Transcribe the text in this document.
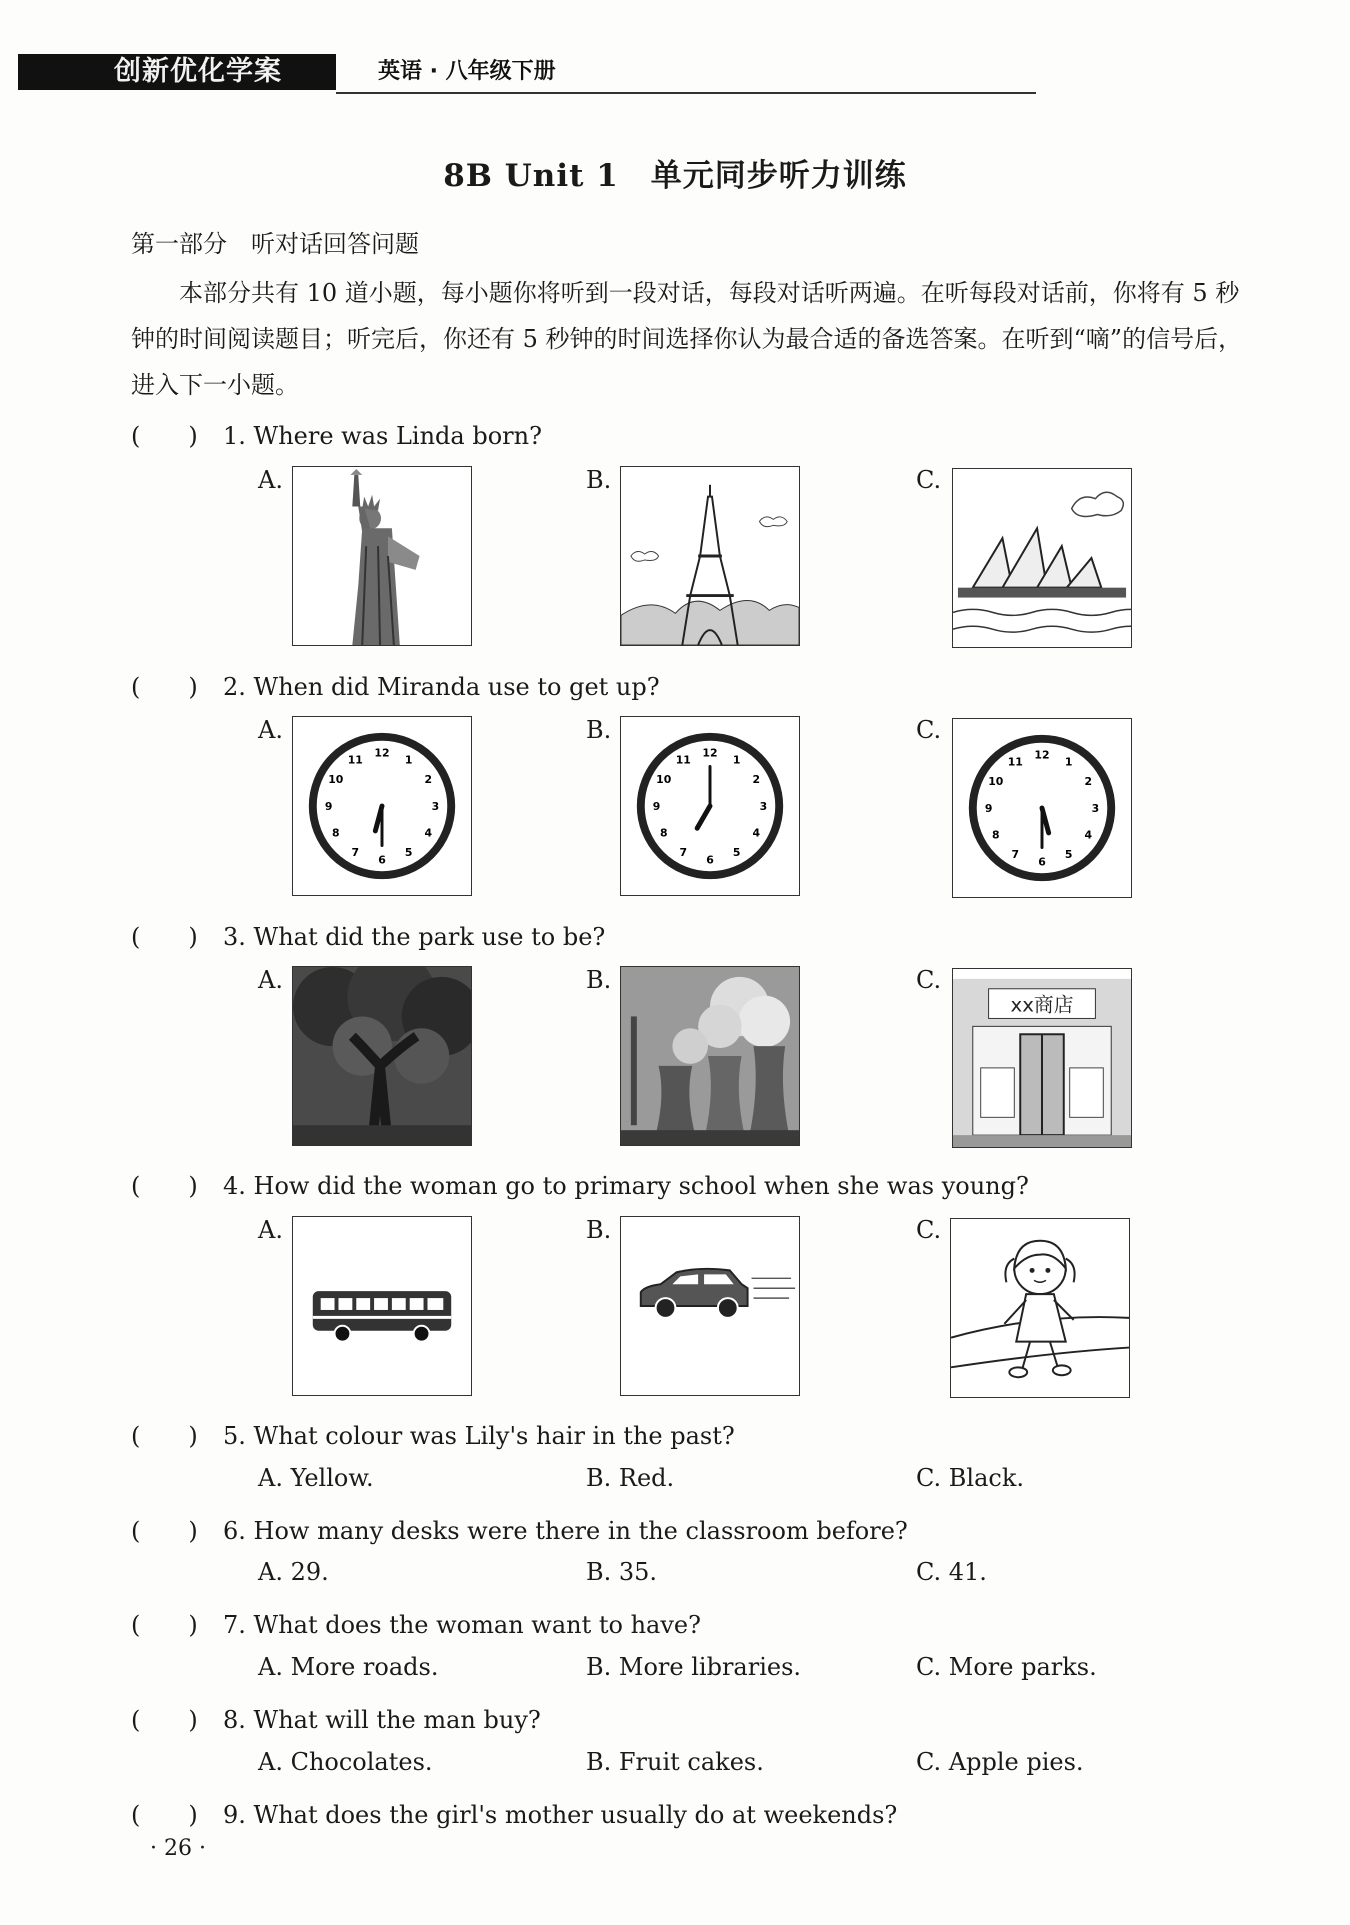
创新优化学案	英语 · 八年级下册
8B Unit 1　单元同步听力训练
第一部分　听对话回答问题
本部分共有 10 道小题，每小题你将听到一段对话，每段对话听两遍。在听每段对话前，你将有 5 秒钟的时间阅读题目；听完后，你还有 5 秒钟的时间选择你认为最合适的备选答案。在听到“嘀”的信号后，进入下一小题。
(　　) 1. Where was Linda born?
A.	B.	C.
(　　) 2. When did Miranda use to get up?
A.	B.	C.
12
1
2
3
4
5
6
7
8
9
10
11
12
1
2
3
4
5
6
7
8
9
10
11	12
1
2
3
4
5
6
7
8
9
10
11
(　　) 3. What did the park use to be?
A.	B.	C.
xx商店
(　　) 4. How did the woman go to primary school when she was young?
A.	B.	C.
(　　) 5. What colour was Lily's hair in the past?
A. Yellow.	B. Red.	C. Black.
(　　) 6. How many desks were there in the classroom before?
A. 29.	B. 35.	C. 41.
(　　) 7. What does the woman want to have?
A. More roads.	B. More libraries.	C. More parks.
(　　) 8. What will the man buy?
A. Chocolates.	B. Fruit cakes.	C. Apple pies.
(　　) 9. What does the girl's mother usually do at weekends?
· 26 ·
